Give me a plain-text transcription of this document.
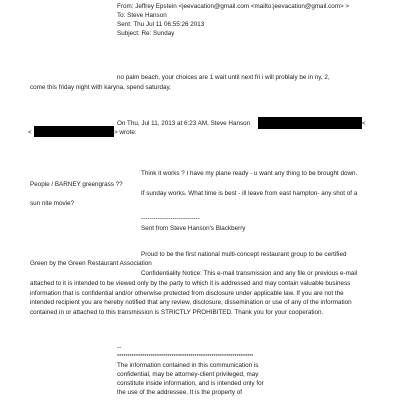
From: Jeffrey Epstein <jeevacation@gmail.com <mailto:jeevacation@gmail.com> >
To: Steve Hanson
Sent: Thu Jul 11 06:55:26 2013
Subject: Re: Sunday
no palm beach, your choices are 1 wait until next fri i will problaly be in ny, 2,
come this friday night with karyna, spend saturday,
On Thu, Jul 11, 2013 at 6:23 AM, Steve Hanson	<
<	> wrote:
Think it works ? I have my plane ready - u want any thing to be brought down.
People / BARNEY greengrass ??
If sunday works. What time is best - ill leave from east hampton- any shot of a
sun nite movie?
----------------------------
Sent from Steve Hanson's Blackberry
Proud to be the first national multi-concept restaurant group to be certified
Green by the Green Restaurant Association
Confidentiality Notice: This e-mail transmission and any file or previous e-mail
attached to it is intended to be viewed only by the party to which it is addressed and may contain valuable business
information that is confidential and/or otherwise protected from disclosure under applicable law. If you are not the
intended recipient you are hereby notified that any review, disclosure, dissemination or use of any of the information
contained in or attached to this transmission is STRICTLY PROHIBITED. Thank you for your cooperation.
--
*****************************************************************
The information contained in this communication is
confidential, may be attorney-client privileged, may
constitute inside information, and is intended only for
the use of the addressee. It is the property of
